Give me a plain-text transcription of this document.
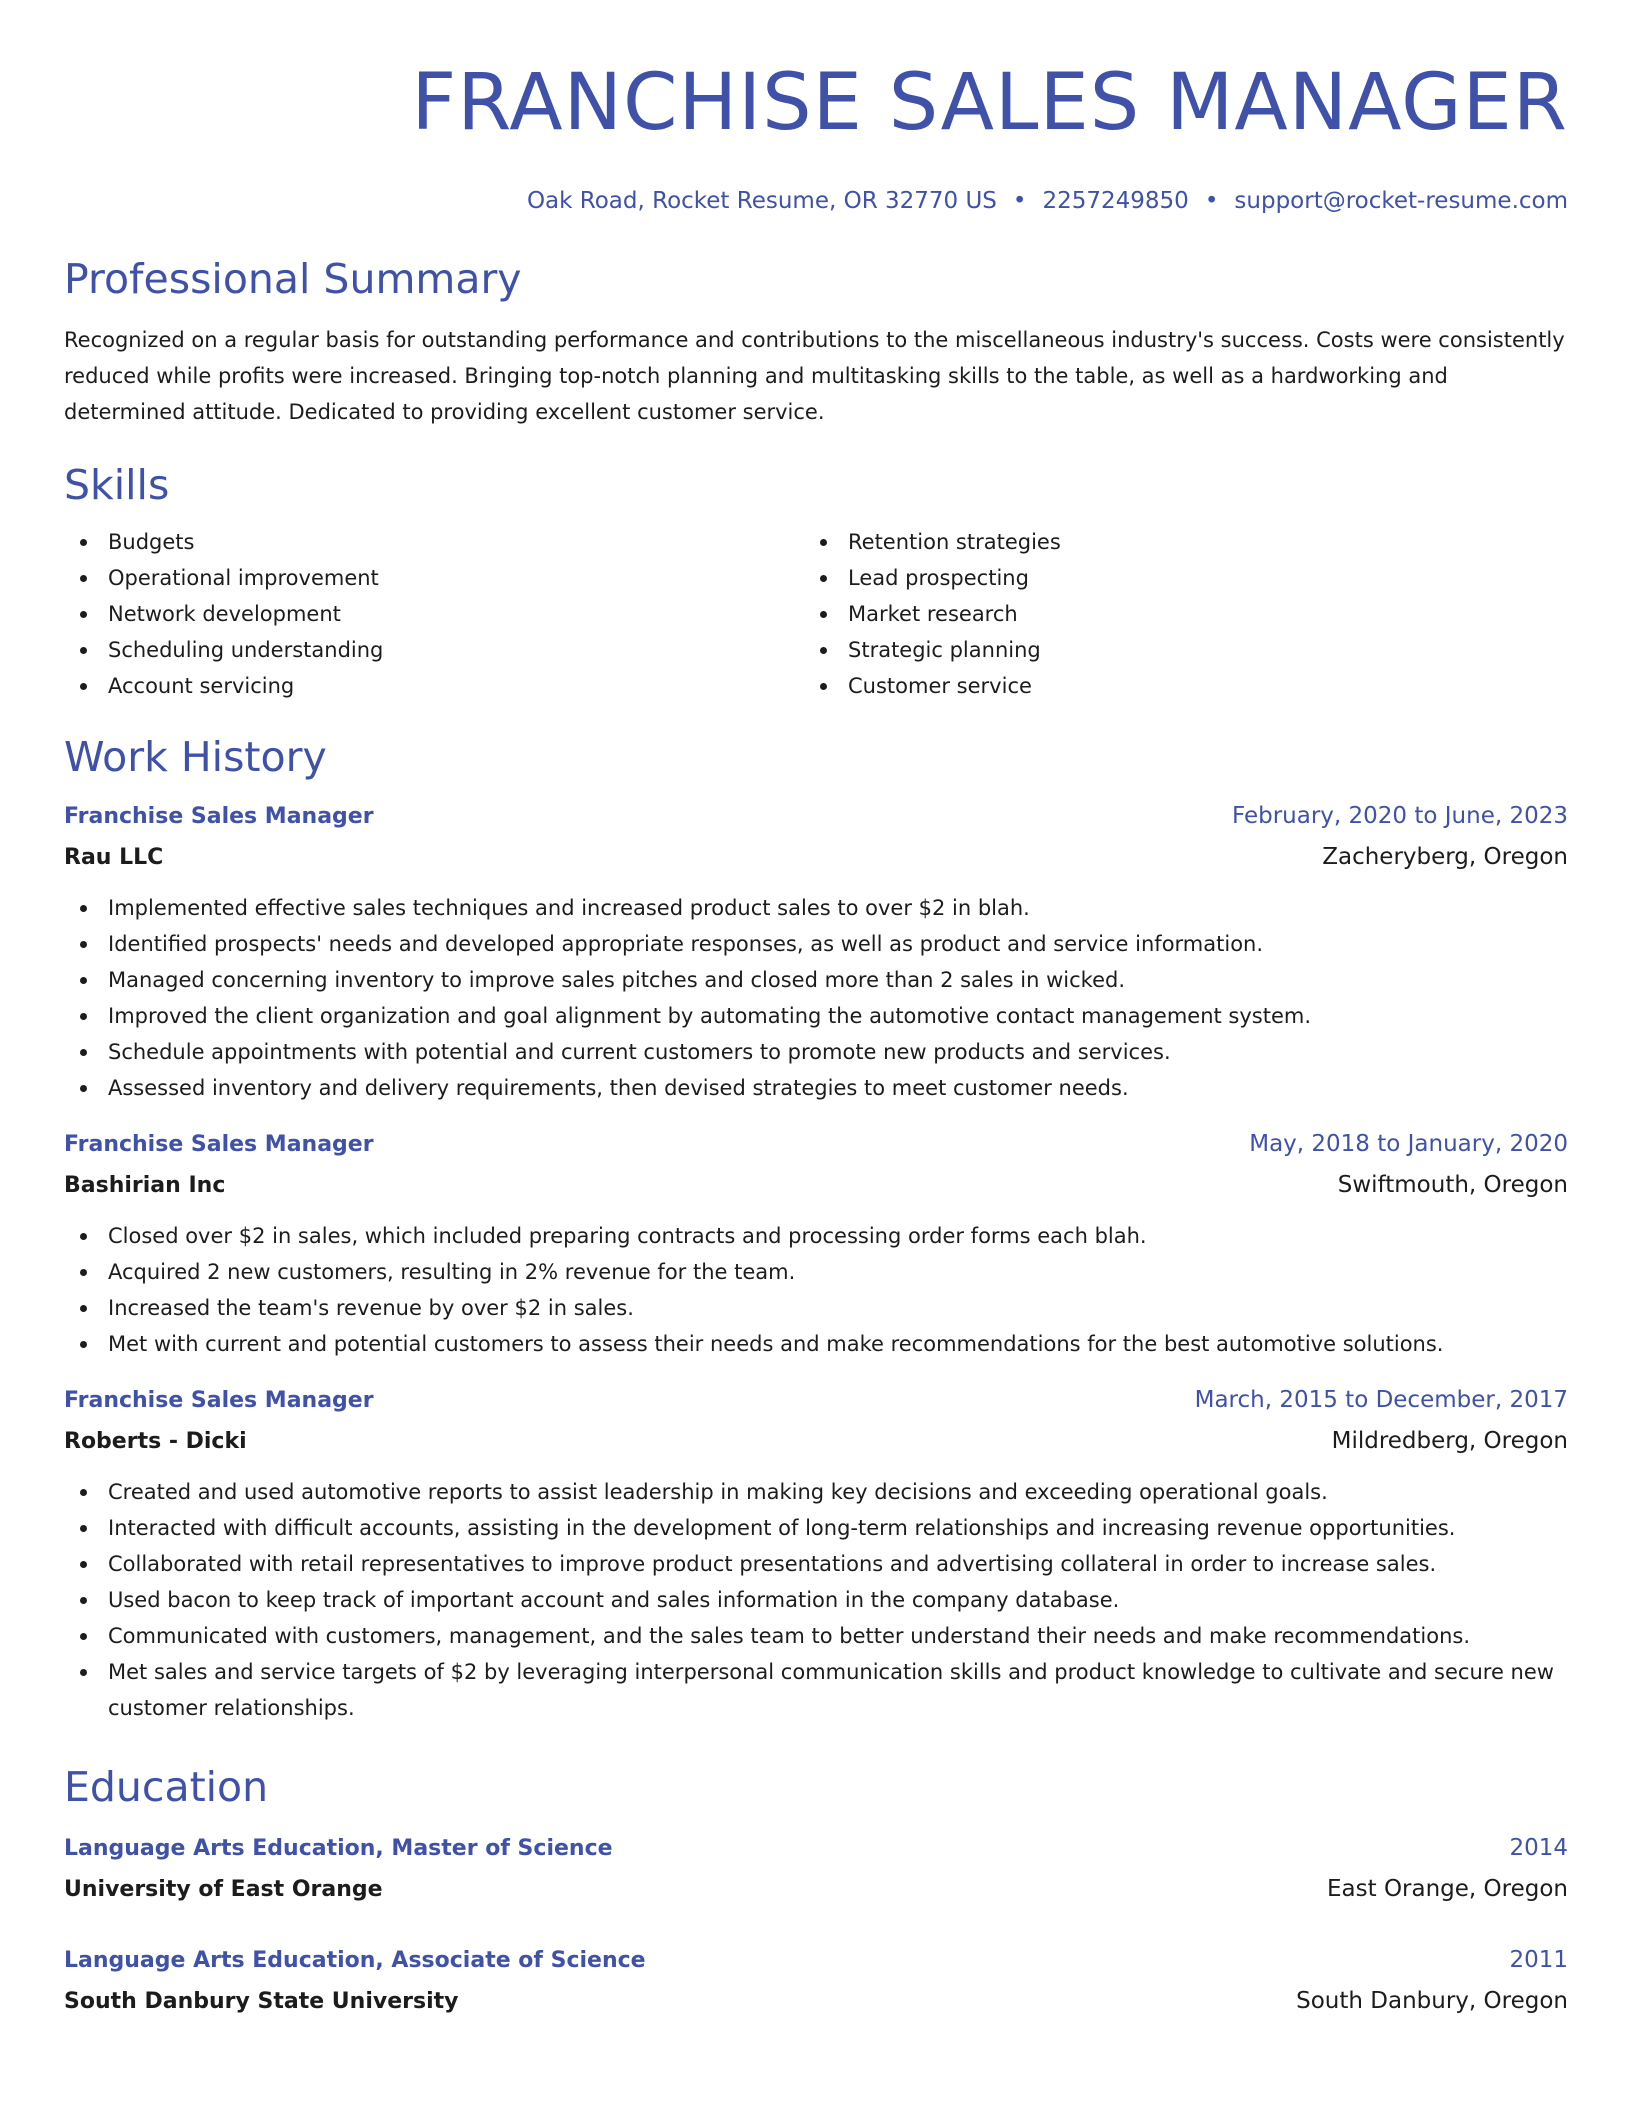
FRANCHISE SALES MANAGER
Oak Road, Rocket Resume, OR 32770 US • 2257249850 • support@rocket-resume.com
Professional Summary
Recognized on a regular basis for outstanding performance and contributions to the miscellaneous industry's success. Costs were consistently reduced while profits were increased. Bringing top-notch planning and multitasking skills to the table, as well as a hardworking and determined attitude. Dedicated to providing excellent customer service.
Skills
Budgets
Operational improvement
Network development
Scheduling understanding
Account servicing
Retention strategies
Lead prospecting
Market research
Strategic planning
Customer service
Work History
Franchise Sales Manager	February, 2020 to June, 2023
Rau LLC	Zacheryberg, Oregon
Implemented effective sales techniques and increased product sales to over $2 in blah.
Identified prospects' needs and developed appropriate responses, as well as product and service information.
Managed concerning inventory to improve sales pitches and closed more than 2 sales in wicked.
Improved the client organization and goal alignment by automating the automotive contact management system.
Schedule appointments with potential and current customers to promote new products and services.
Assessed inventory and delivery requirements, then devised strategies to meet customer needs.
Franchise Sales Manager	May, 2018 to January, 2020
Bashirian Inc	Swiftmouth, Oregon
Closed over $2 in sales, which included preparing contracts and processing order forms each blah.
Acquired 2 new customers, resulting in 2% revenue for the team.
Increased the team's revenue by over $2 in sales.
Met with current and potential customers to assess their needs and make recommendations for the best automotive solutions.
Franchise Sales Manager	March, 2015 to December, 2017
Roberts - Dicki	Mildredberg, Oregon
Created and used automotive reports to assist leadership in making key decisions and exceeding operational goals.
Interacted with difficult accounts, assisting in the development of long-term relationships and increasing revenue opportunities.
Collaborated with retail representatives to improve product presentations and advertising collateral in order to increase sales.
Used bacon to keep track of important account and sales information in the company database.
Communicated with customers, management, and the sales team to better understand their needs and make recommendations.
Met sales and service targets of $2 by leveraging interpersonal communication skills and product knowledge to cultivate and secure new customer relationships.
Education
Language Arts Education, Master of Science	2014
University of East Orange	East Orange, Oregon
Language Arts Education, Associate of Science	2011
South Danbury State University	South Danbury, Oregon
